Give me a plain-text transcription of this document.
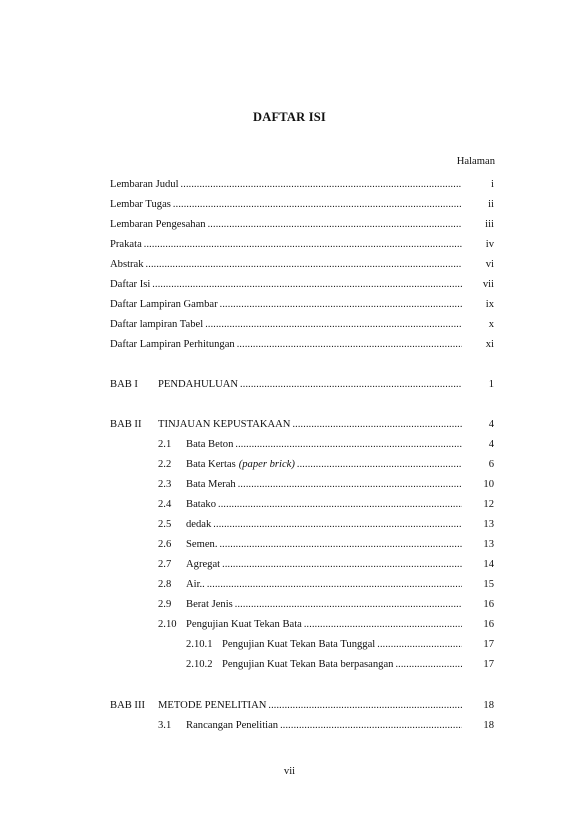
DAFTAR ISI
Halaman
Lembaran Judul .....	i
Lembar Tugas .....	ii
Lembaran Pengesahan .....	iii
Prakata .....	iv
Abstrak .....	vi
Daftar Isi .....	vii
Daftar Lampiran Gambar .....	ix
Daftar lampiran Tabel .....	x
Daftar Lampiran Perhitungan .....	xi
BAB I	PENDAHULUAN .....	1
BAB II	TINJAUAN KEPUSTAKAAN .....	4
2.1	Bata Beton .....	4
2.2	Bata Kertas (paper brick) .....	6
2.3	Bata Merah .....	10
2.4	Batako .....	12
2.5	dedak .....	13
2.6	Semen. .....	13
2.7	Agregat .....	14
2.8	Air.. .....	15
2.9	Berat Jenis .....	16
2.10 Pengujian Kuat Tekan Bata .....	16
2.10.1 Pengujian Kuat Tekan Bata Tunggal .....	17
2.10.2 Pengujian Kuat Tekan Bata berpasangan .....	17
BAB III	METODE PENELITIAN .....	18
3.1	Rancangan Penelitian .....	18
vii
